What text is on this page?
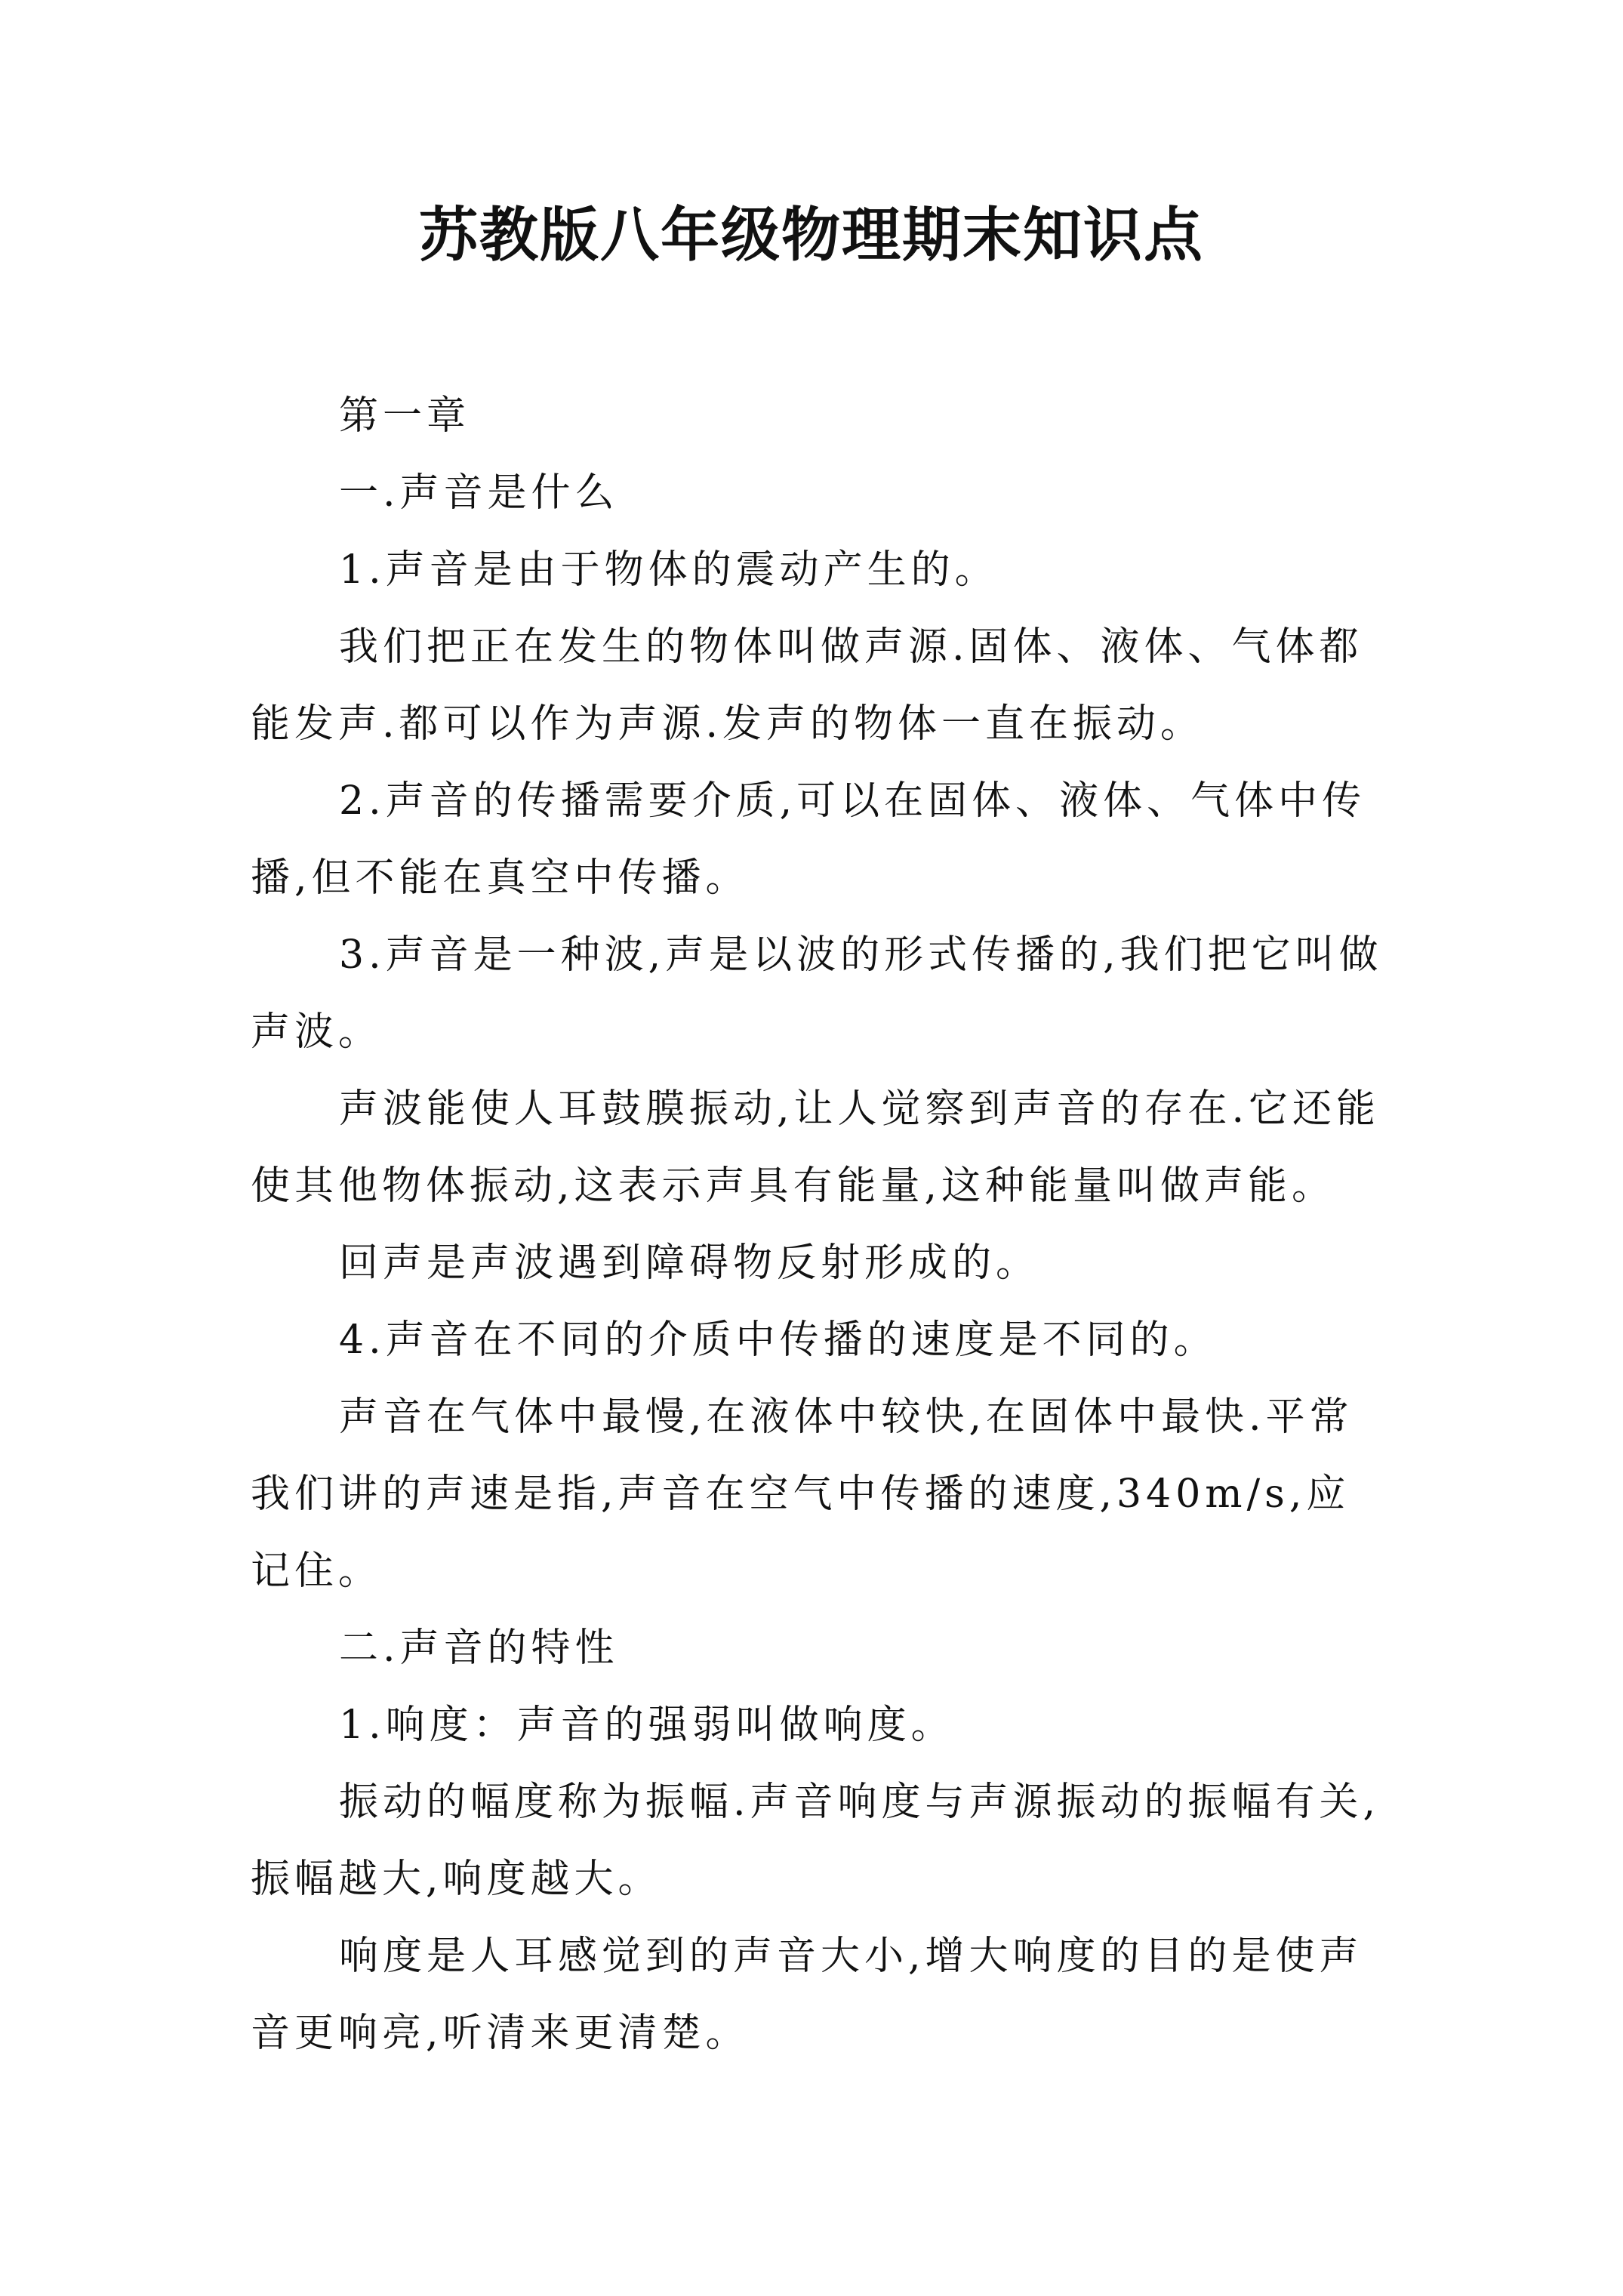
苏教版八年级物理期末知识点

第一章

一.声音是什么

1.声音是由于物体的震动产生的。

我们把正在发生的物体叫做声源.固体、液体、气体都能发声.都可以作为声源.发声的物体一直在振动。

2.声音的传播需要介质,可以在固体、液体、气体中传播,但不能在真空中传播。

3.声音是一种波,声是以波的形式传播的,我们把它叫做声波。

声波能使人耳鼓膜振动,让人觉察到声音的存在.它还能使其他物体振动,这表示声具有能量,这种能量叫做声能。

回声是声波遇到障碍物反射形成的。

4.声音在不同的介质中传播的速度是不同的。

声音在气体中最慢,在液体中较快,在固体中最快.平常我们讲的声速是指,声音在空气中传播的速度,340m/s,应记住。

二.声音的特性

1.响度：声音的强弱叫做响度。

振动的幅度称为振幅.声音响度与声源振动的振幅有关,振幅越大,响度越大。

响度是人耳感觉到的声音大小,增大响度的目的是使声音更响亮,听清来更清楚。
